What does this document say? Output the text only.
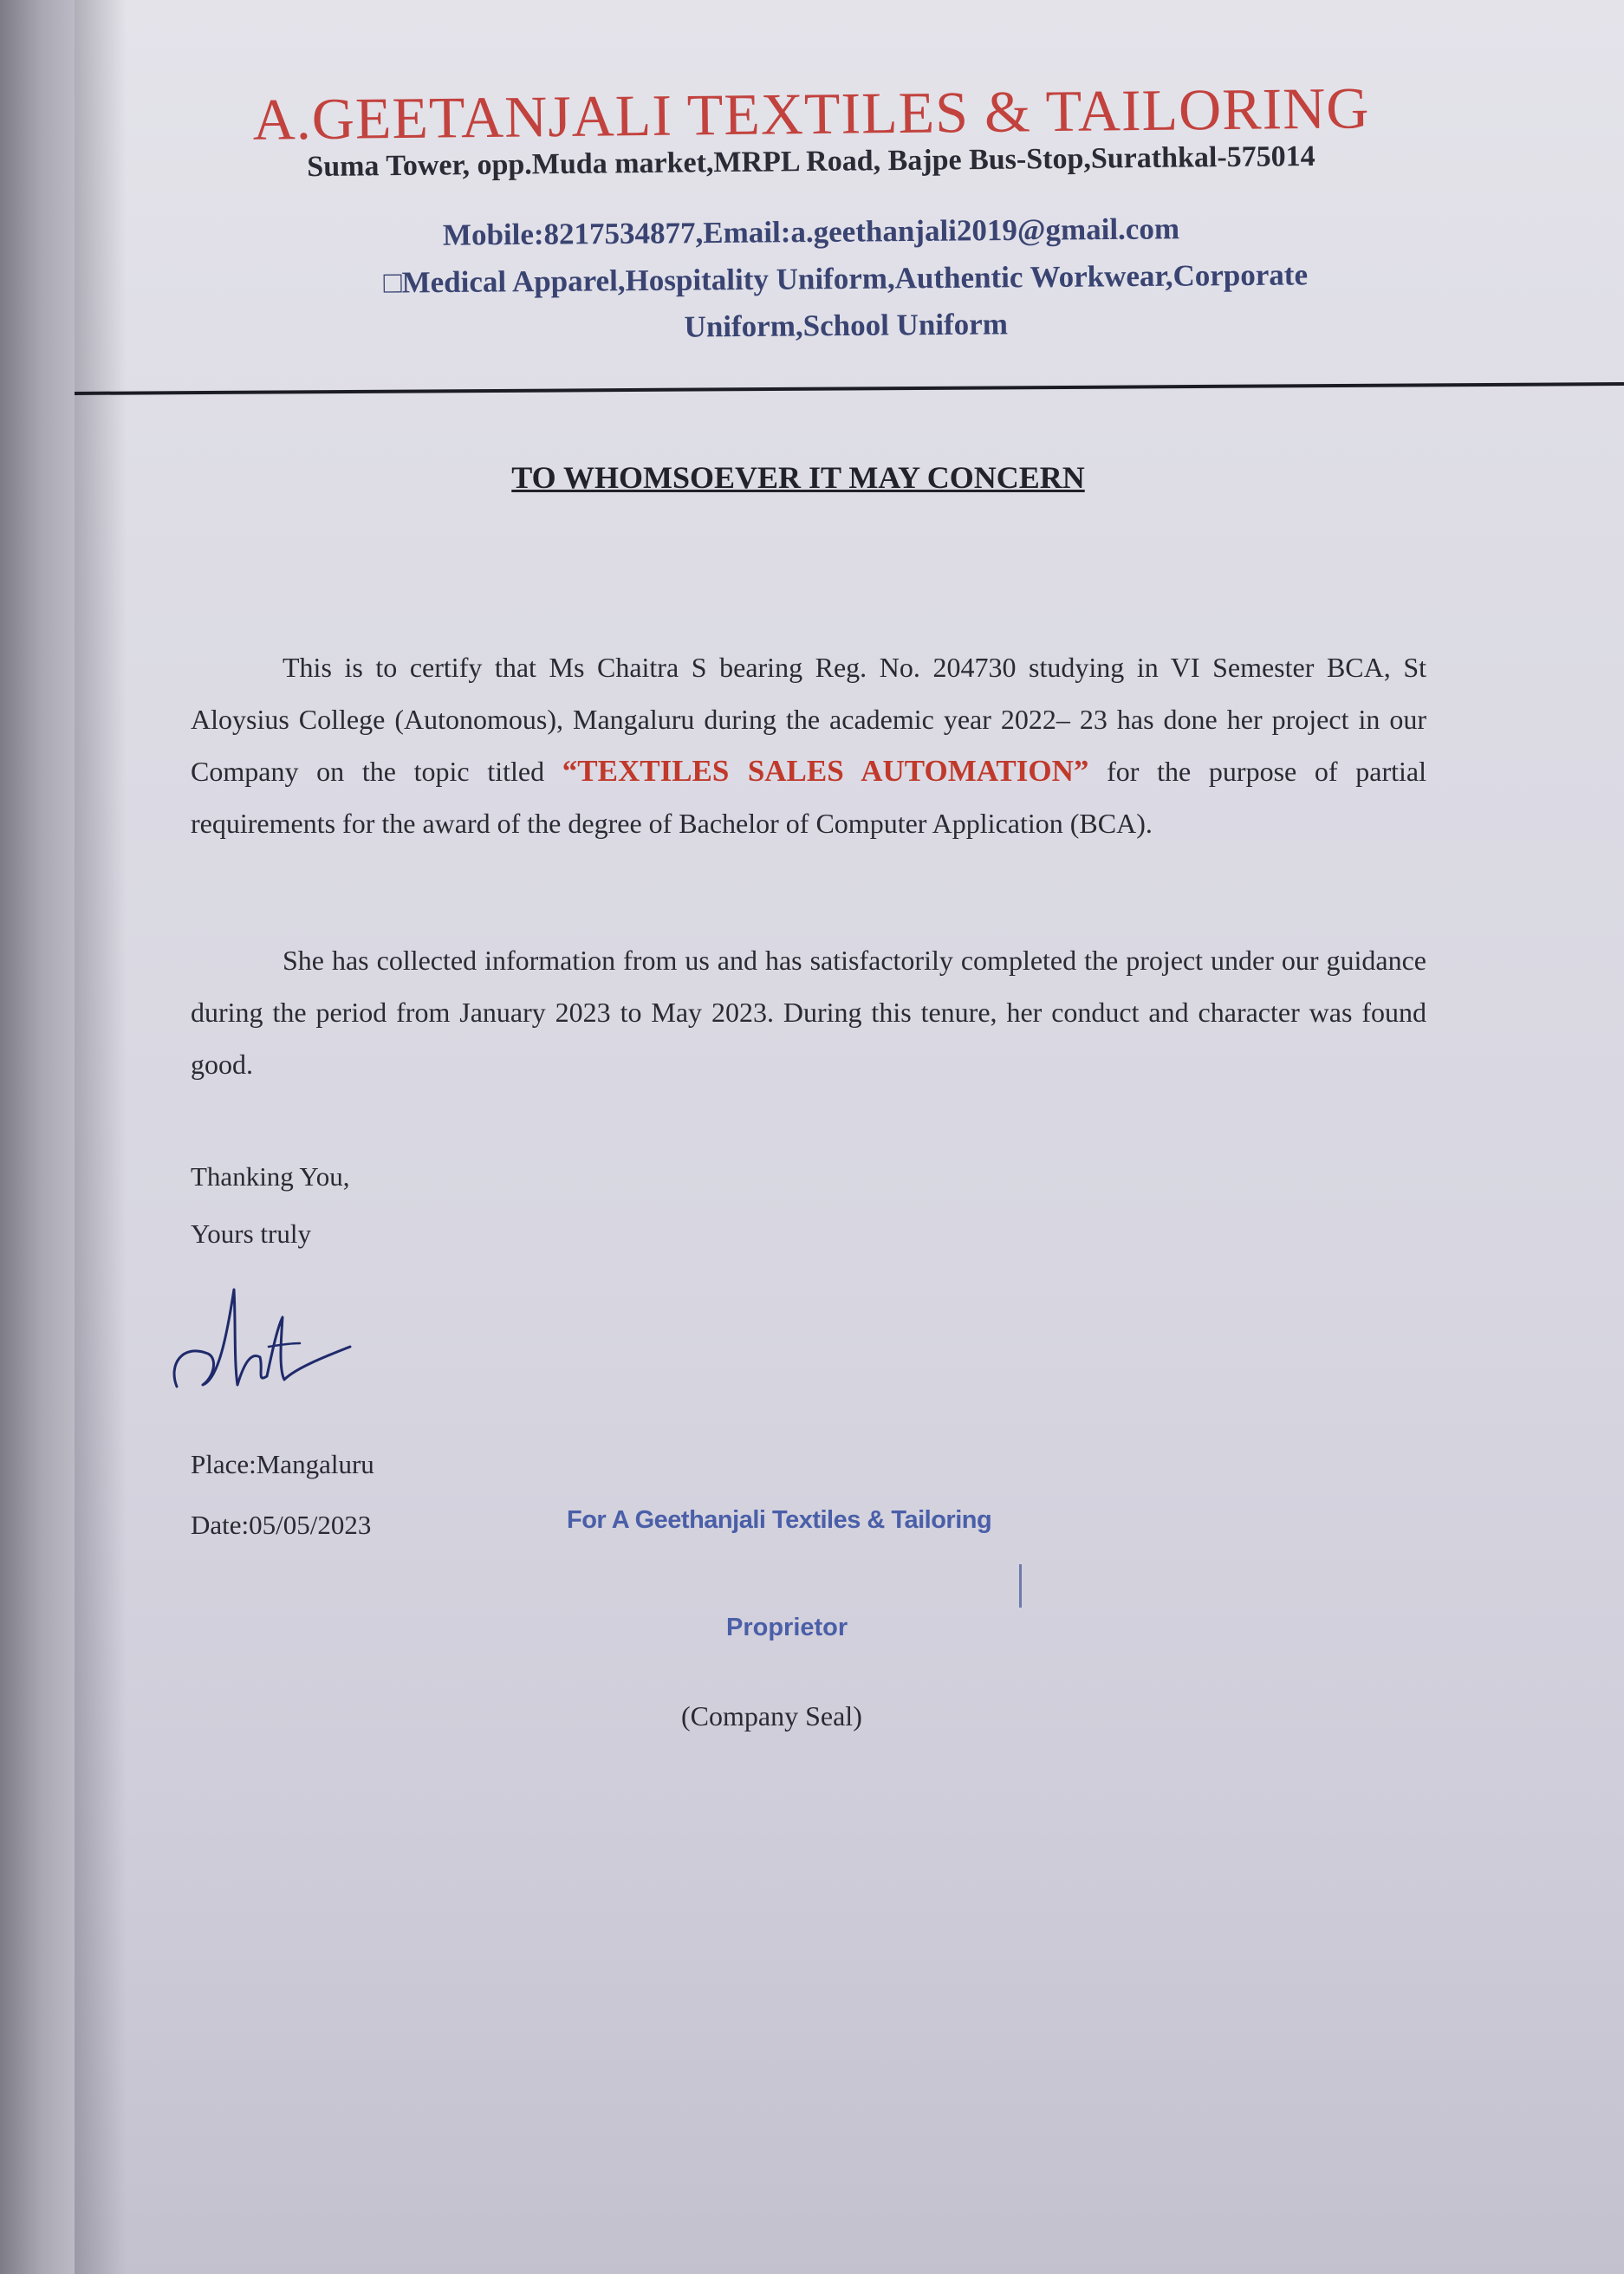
A.GEETANJALI TEXTILES & TAILORING
Suma Tower, opp.Muda market,MRPL Road, Bajpe Bus-Stop,Surathkal-575014
Mobile:8217534877,Email:a.geethanjali2019@gmail.com
□Medical Apparel,Hospitality Uniform,Authentic Workwear,Corporate Uniform,School Uniform
TO WHOMSOEVER IT MAY CONCERN
This is to certify that Ms Chaitra S bearing Reg. No. 204730 studying in VI Semester BCA, St Aloysius College (Autonomous), Mangaluru during the academic year 2022– 23 has done her project in our Company on the topic titled “TEXTILES SALES AUTOMATION” for the purpose of partial requirements for the award of the degree of Bachelor of Computer Application (BCA).
She has collected information from us and has satisfactorily completed the project under our guidance during the period from January 2023 to May 2023. During this tenure, her conduct and character was found good.
Thanking You,
Yours truly
Place:Mangaluru
Date:05/05/2023	For A Geethanjali Textiles & Tailoring
Proprietor
(Company Seal)
